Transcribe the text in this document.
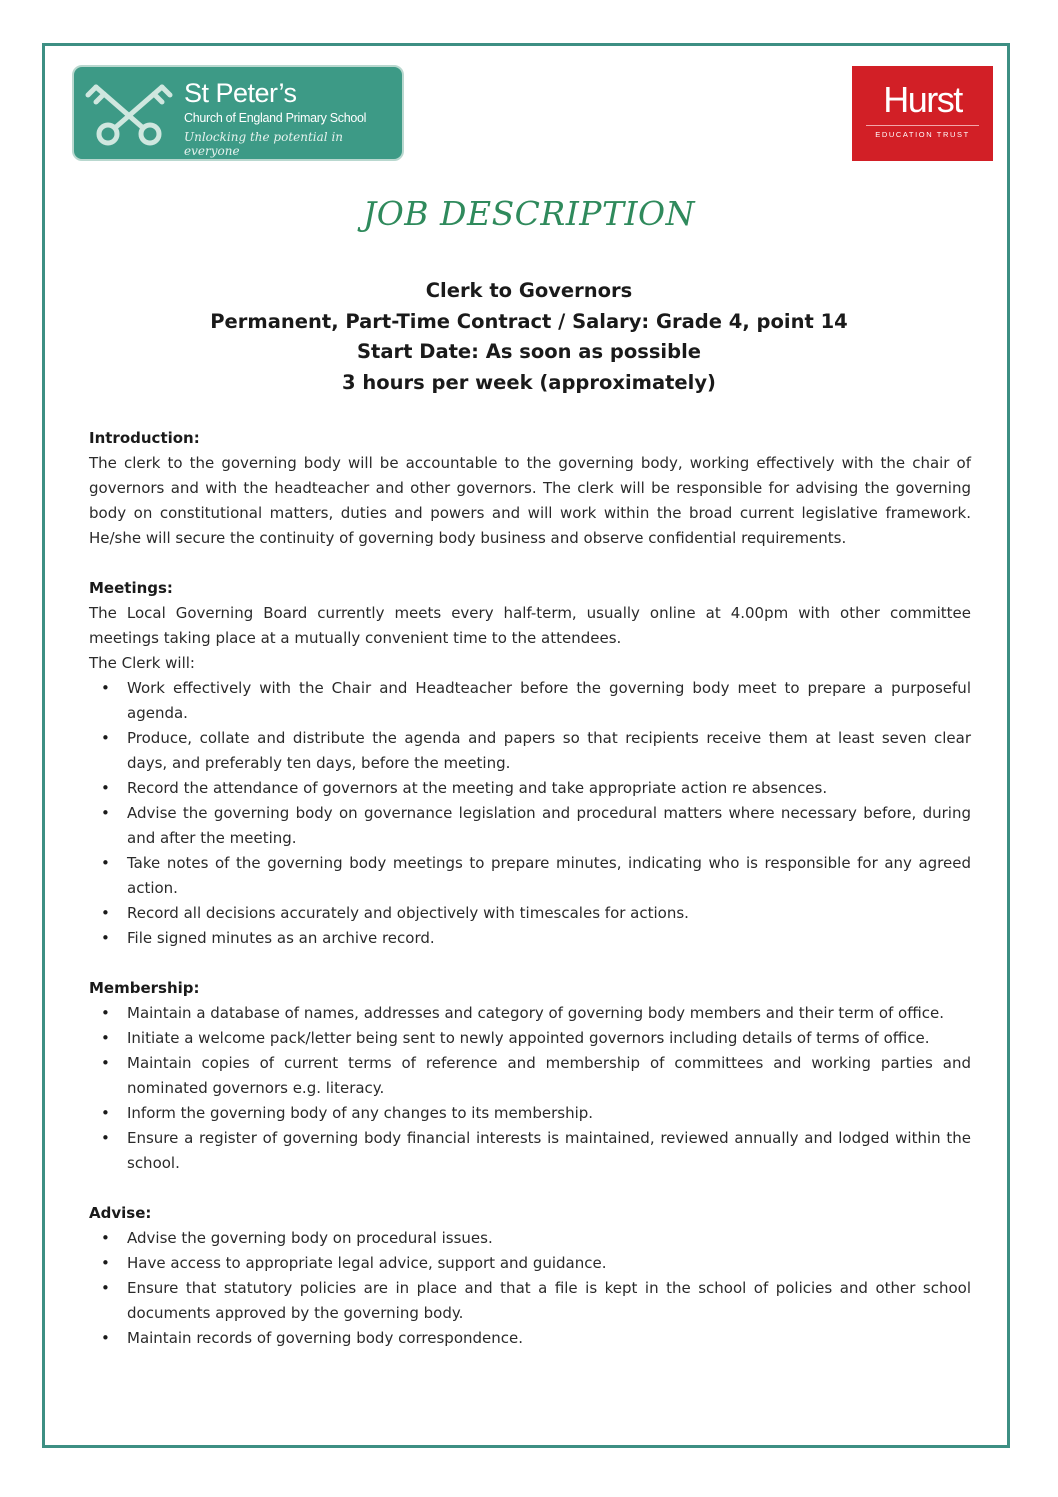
St Peter’s
Church of England Primary School
Unlocking the potential in everyone
Hurst
EDUCATION TRUST
JOB DESCRIPTION
Clerk to Governors
Permanent, Part-Time Contract / Salary: Grade 4, point 14
Start Date: As soon as possible
3 hours per week (approximately)
Introduction:

The clerk to the governing body will be accountable to the governing body, working effectively with the chair of governors and with the headteacher and other governors. The clerk will be responsible for advising the governing body on constitutional matters, duties and powers and will work within the broad current legislative framework. He/she will secure the continuity of governing body business and observe confidential requirements.

Meetings:

The Local Governing Board currently meets every half-term, usually online at 4.00pm with other committee meetings taking place at a mutually convenient time to the attendees.

The Clerk will:
• Work effectively with the Chair and Headteacher before the governing body meet to prepare a purposeful agenda.
• Produce, collate and distribute the agenda and papers so that recipients receive them at least seven clear days, and preferably ten days, before the meeting.
• Record the attendance of governors at the meeting and take appropriate action re absences.
• Advise the governing body on governance legislation and procedural matters where necessary before, during and after the meeting.
• Take notes of the governing body meetings to prepare minutes, indicating who is responsible for any agreed action.
• Record all decisions accurately and objectively with timescales for actions.
• File signed minutes as an archive record.
Membership:
• Maintain a database of names, addresses and category of governing body members and their term of office.
• Initiate a welcome pack/letter being sent to newly appointed governors including details of terms of office.
• Maintain copies of current terms of reference and membership of committees and working parties and nominated governors e.g. literacy.
• Inform the governing body of any changes to its membership.
• Ensure a register of governing body financial interests is maintained, reviewed annually and lodged within the school.
Advise:
• Advise the governing body on procedural issues.
• Have access to appropriate legal advice, support and guidance.
• Ensure that statutory policies are in place and that a file is kept in the school of policies and other school documents approved by the governing body.
• Maintain records of governing body correspondence.
